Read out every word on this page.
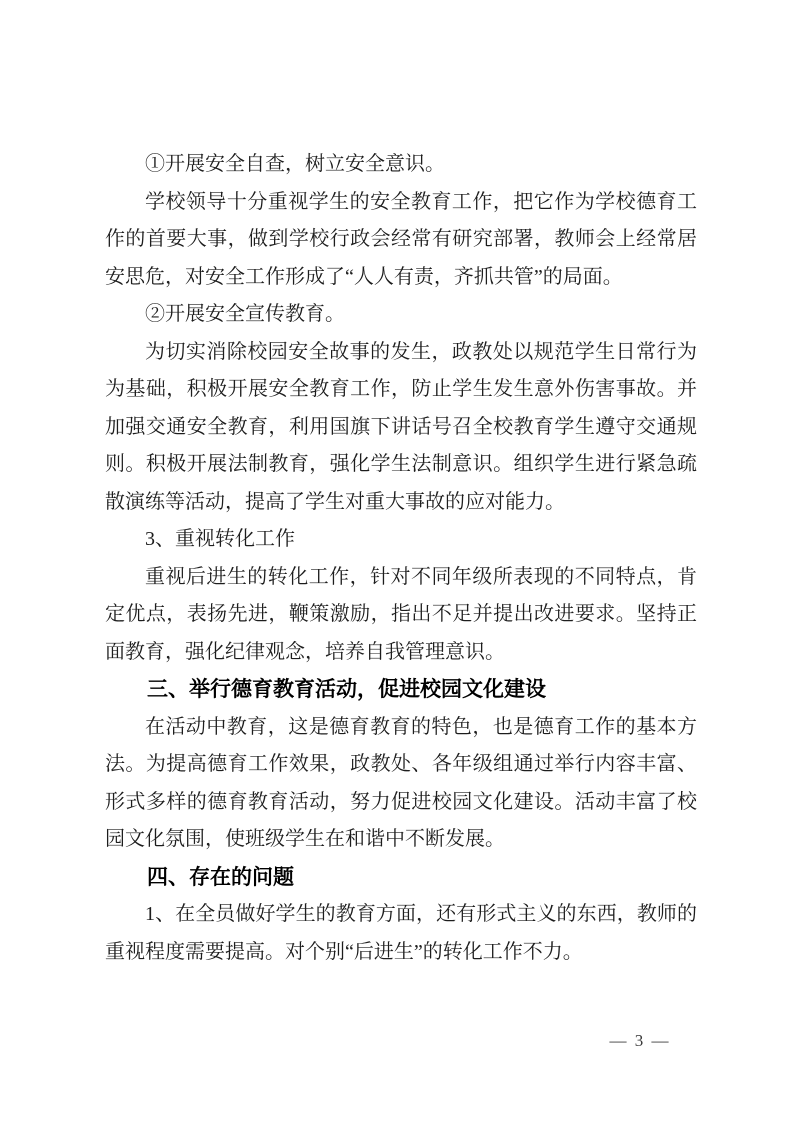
①开展安全自查，树立安全意识。
学校领导十分重视学生的安全教育工作，把它作为学校德育工
作的首要大事，做到学校行政会经常有研究部署，教师会上经常居
安思危，对安全工作形成了“人人有责，齐抓共管”的局面。
②开展安全宣传教育。
为切实消除校园安全故事的发生，政教处以规范学生日常行为
为基础，积极开展安全教育工作，防止学生发生意外伤害事故。并
加强交通安全教育，利用国旗下讲话号召全校教育学生遵守交通规
则。积极开展法制教育，强化学生法制意识。组织学生进行紧急疏
散演练等活动，提高了学生对重大事故的应对能力。
3、重视转化工作
重视后进生的转化工作，针对不同年级所表现的不同特点，肯
定优点，表扬先进，鞭策激励，指出不足并提出改进要求。坚持正
面教育，强化纪律观念，培养自我管理意识。
三、举行德育教育活动，促进校园文化建设
在活动中教育，这是德育教育的特色，也是德育工作的基本方
法。为提高德育工作效果，政教处、各年级组通过举行内容丰富、
形式多样的德育教育活动，努力促进校园文化建设。活动丰富了校
园文化氛围，使班级学生在和谐中不断发展。
四、存在的问题
1、在全员做好学生的教育方面，还有形式主义的东西，教师的
重视程度需要提高。对个别“后进生”的转化工作不力。
— 3 —
